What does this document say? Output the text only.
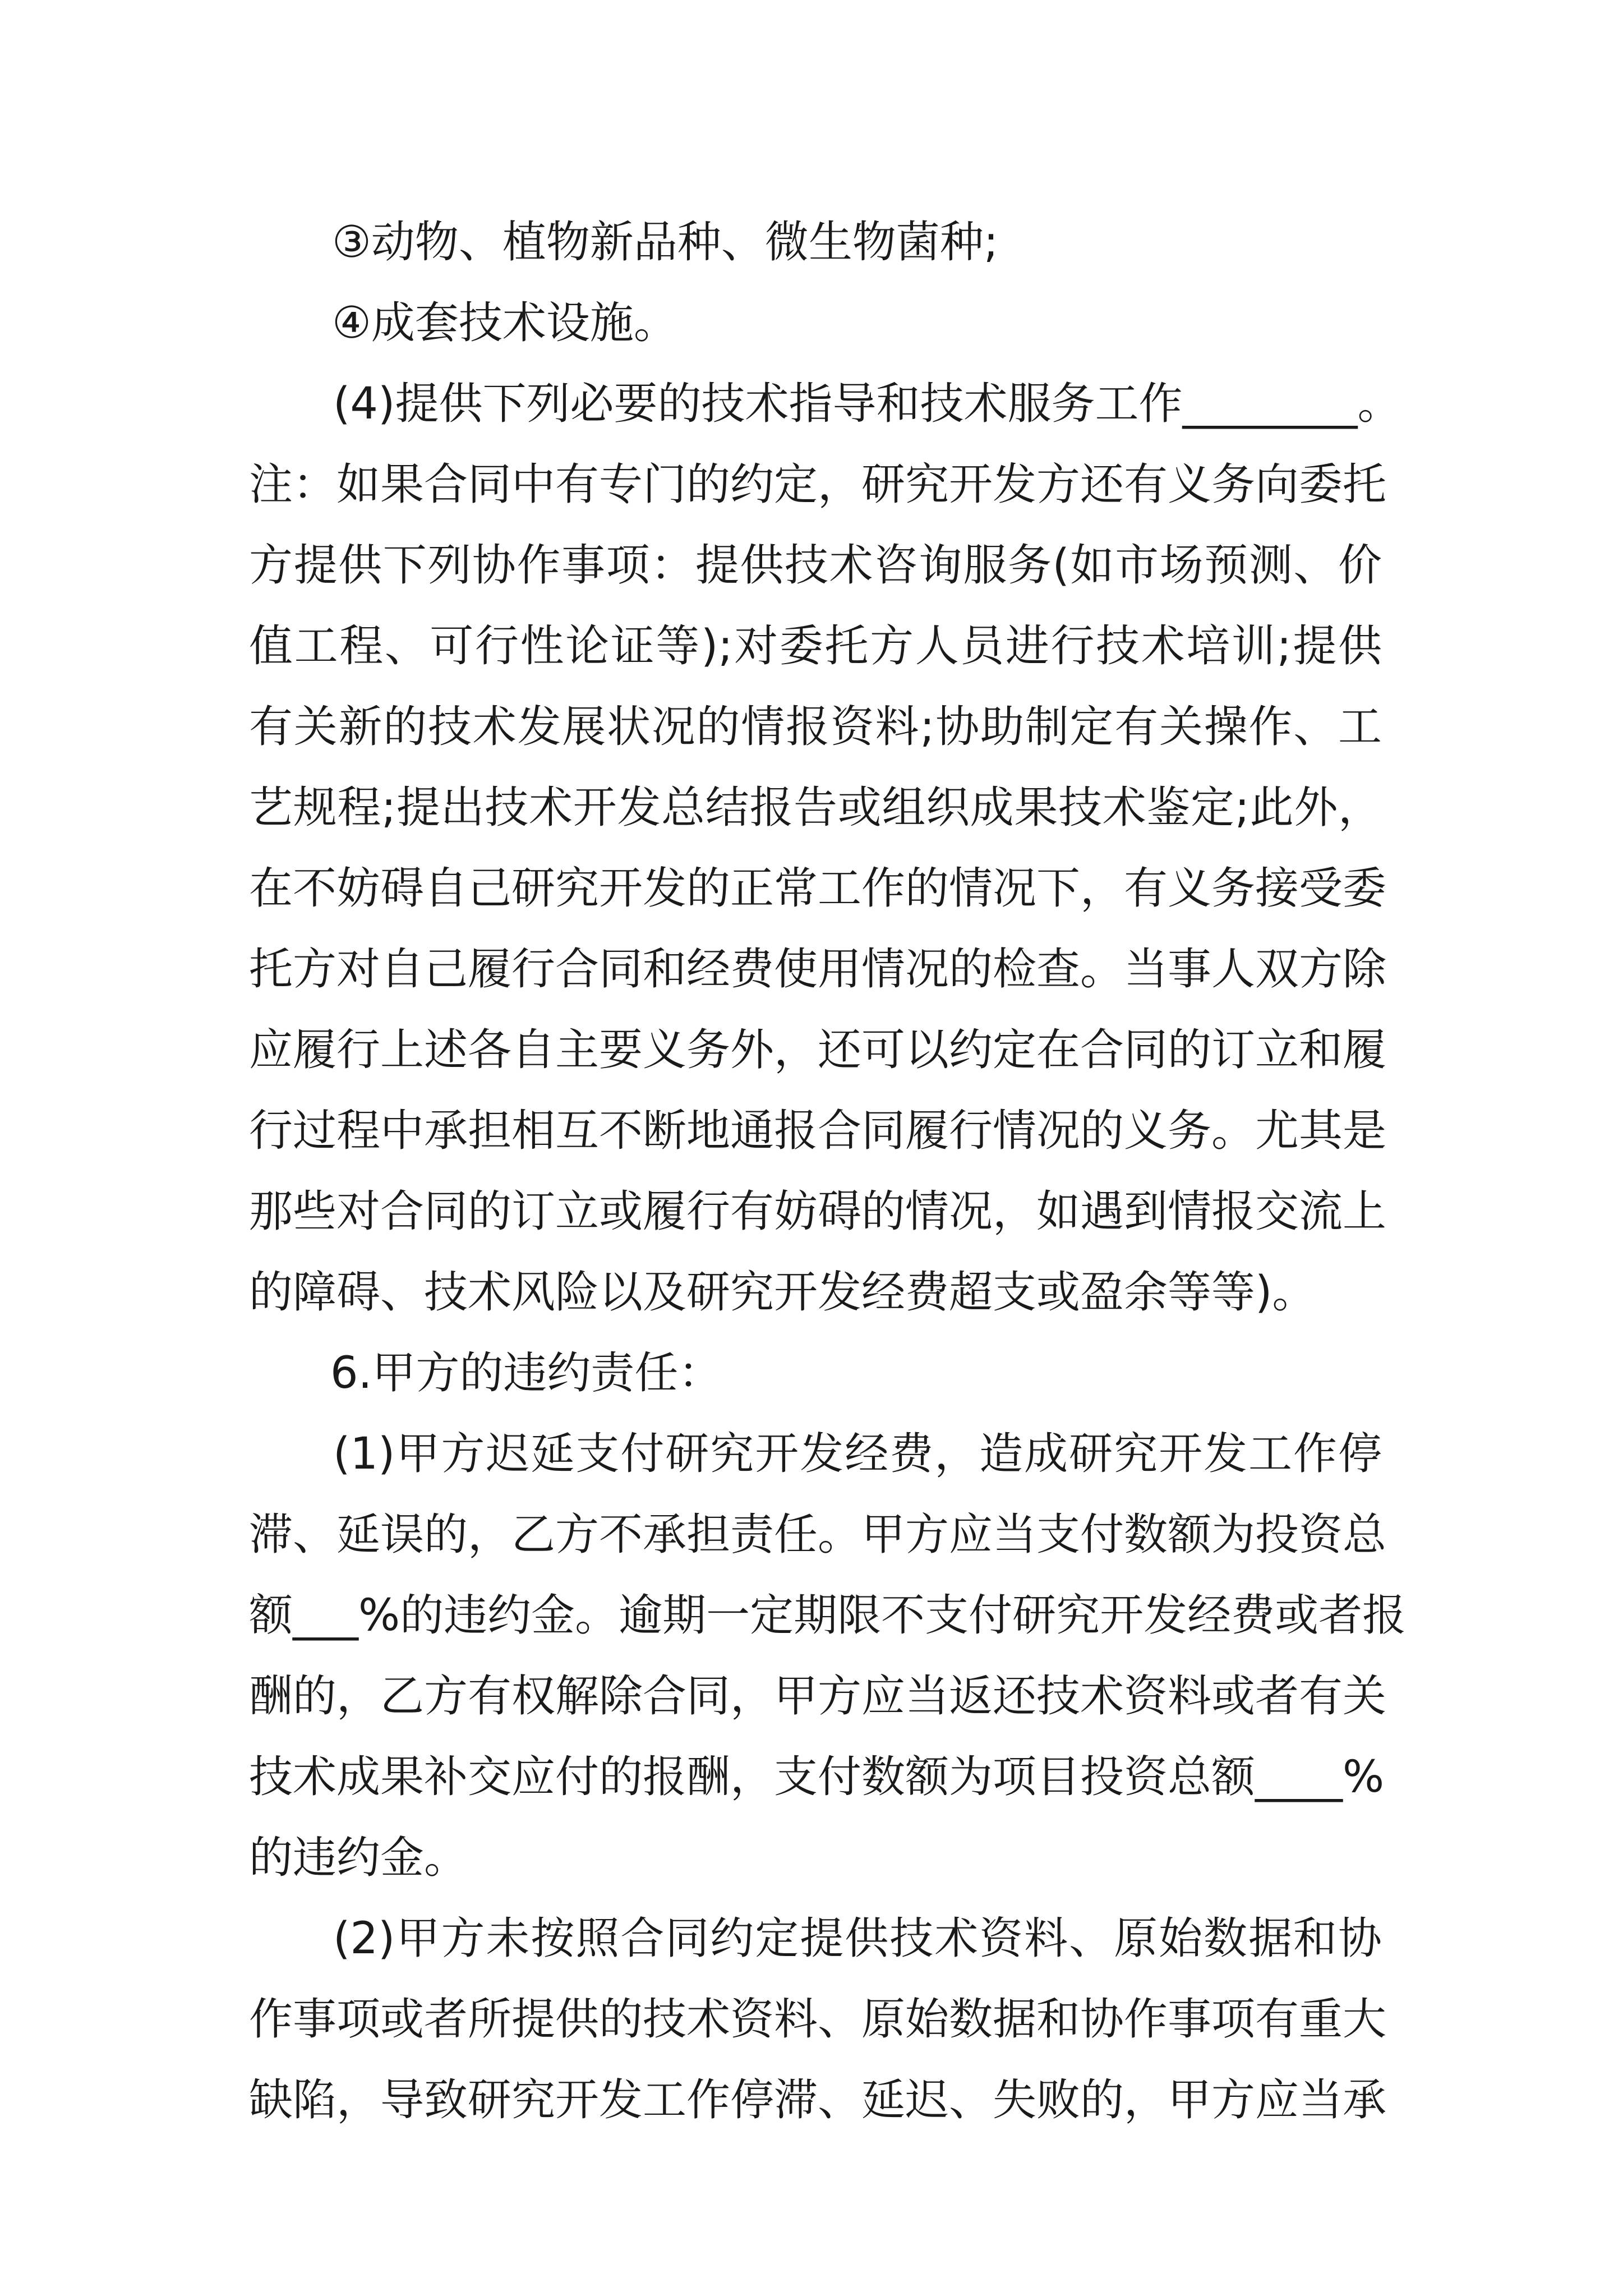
③动物、植物新品种、微生物菌种;
④成套技术设施。
(4)提供下列必要的技术指导和技术服务工作________。
注：如果合同中有专门的约定，研究开发方还有义务向委托
方提供下列协作事项：提供技术咨询服务(如市场预测、价
值工程、可行性论证等);对委托方人员进行技术培训;提供
有关新的技术发展状况的情报资料;协助制定有关操作、工
艺规程;提出技术开发总结报告或组织成果技术鉴定;此外，
在不妨碍自己研究开发的正常工作的情况下，有义务接受委
托方对自己履行合同和经费使用情况的检查。当事人双方除
应履行上述各自主要义务外，还可以约定在合同的订立和履
行过程中承担相互不断地通报合同履行情况的义务。尤其是
那些对合同的订立或履行有妨碍的情况，如遇到情报交流上
的障碍、技术风险以及研究开发经费超支或盈余等等)。
6.甲方的违约责任：
(1)甲方迟延支付研究开发经费，造成研究开发工作停
滞、延误的，乙方不承担责任。甲方应当支付数额为投资总
额___%的违约金。逾期一定期限不支付研究开发经费或者报
酬的，乙方有权解除合同，甲方应当返还技术资料或者有关
技术成果补交应付的报酬，支付数额为项目投资总额____%
的违约金。
(2)甲方未按照合同约定提供技术资料、原始数据和协
作事项或者所提供的技术资料、原始数据和协作事项有重大
缺陷，导致研究开发工作停滞、延迟、失败的，甲方应当承
